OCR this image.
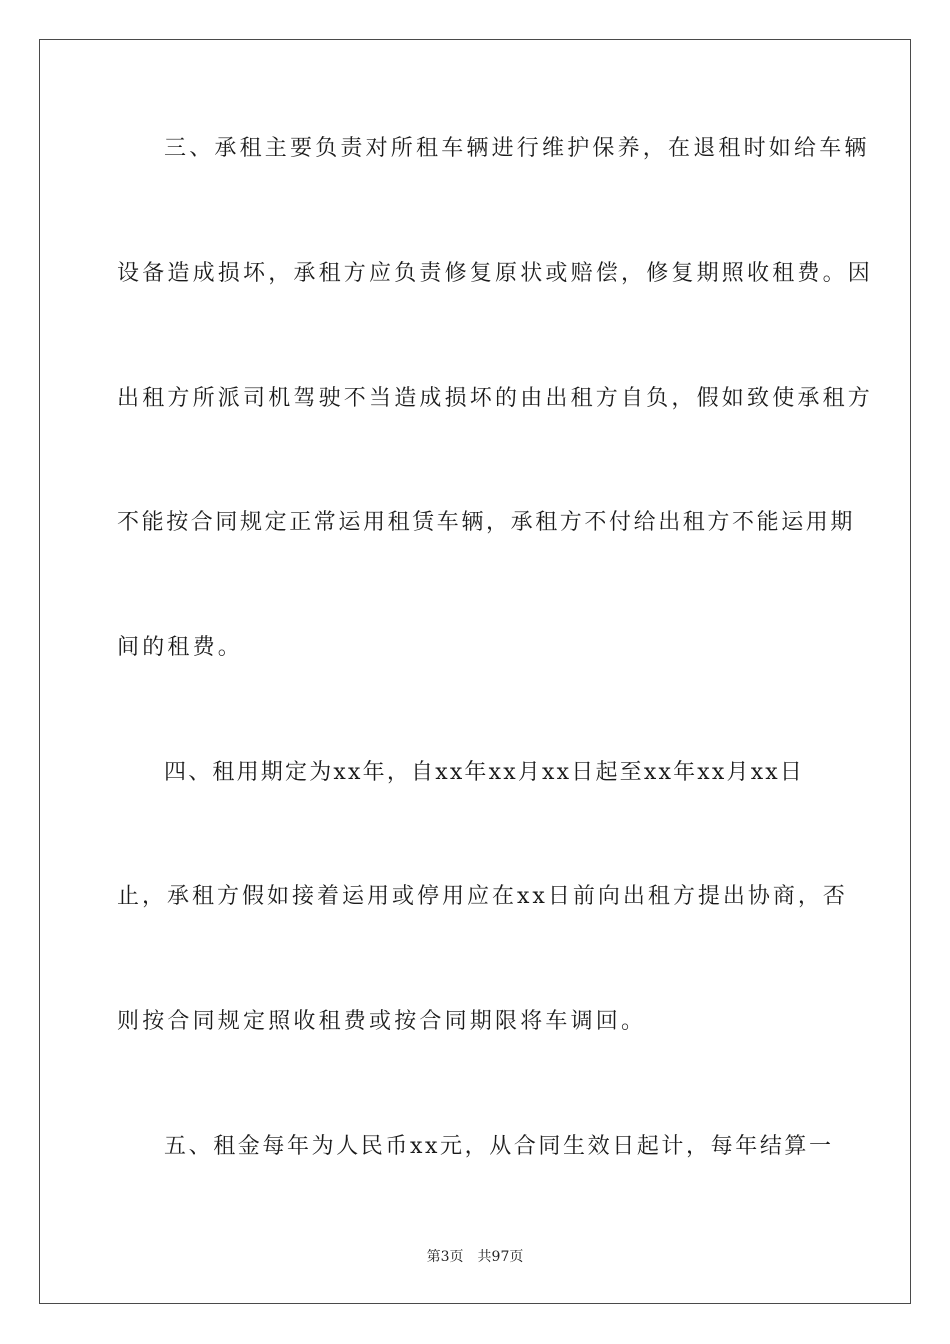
三、承租主要负责对所租车辆进行维护保养，在退租时如给车辆
设备造成损坏，承租方应负责修复原状或赔偿，修复期照收租费。因
出租方所派司机驾驶不当造成损坏的由出租方自负，假如致使承租方
不能按合同规定正常运用租赁车辆，承租方不付给出租方不能运用期
间的租费。
四、租用期定为xx年，自xx年xx月xx日起至xx年xx月xx日
止，承租方假如接着运用或停用应在xx日前向出租方提出协商，否
则按合同规定照收租费或按合同期限将车调回。
五、租金每年为人民币xx元，从合同生效日起计，每年结算一
第3页 共97页
